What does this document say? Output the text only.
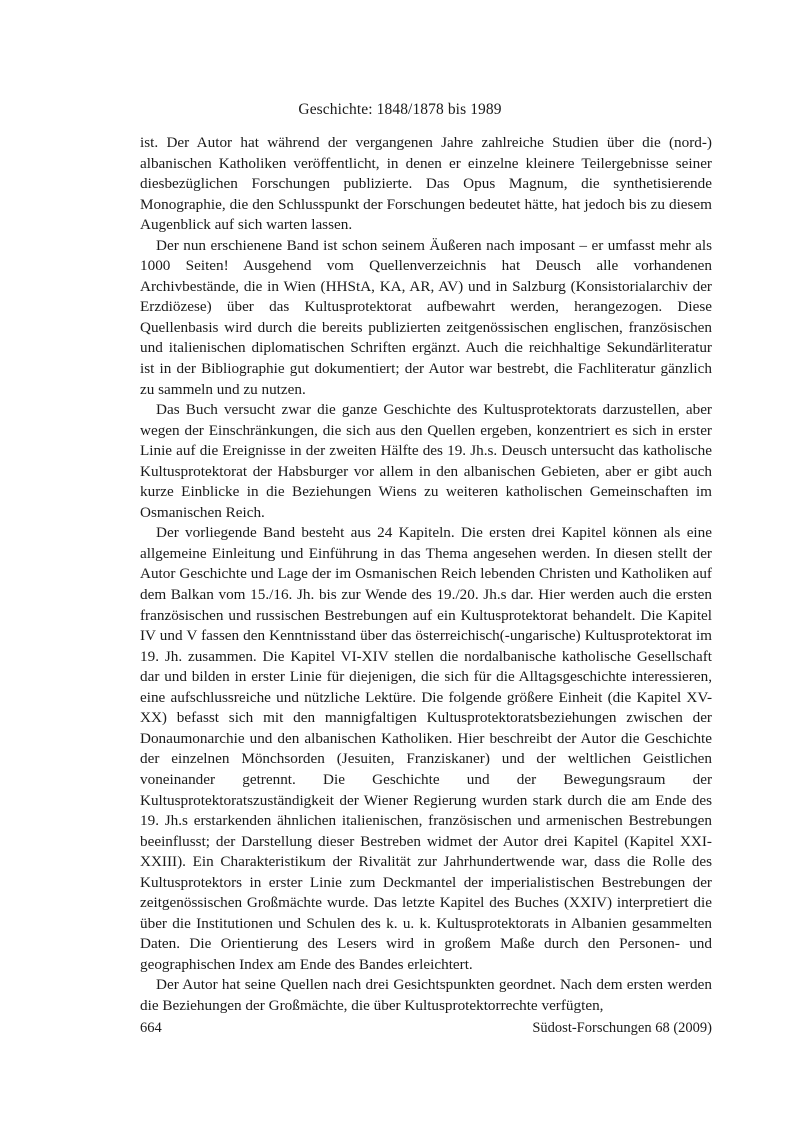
Geschichte: 1848/1878 bis 1989

ist. Der Autor hat während der vergangenen Jahre zahlreiche Studien über die (nord-) albanischen Katholiken veröffentlicht, in denen er einzelne kleinere Teilergebnisse seiner diesbezüglichen Forschungen publizierte. Das Opus Magnum, die synthetisierende Monographie, die den Schlusspunkt der Forschungen bedeutet hätte, hat jedoch bis zu diesem Augenblick auf sich warten lassen.

Der nun erschienene Band ist schon seinem Äußeren nach imposant – er umfasst mehr als 1000 Seiten! Ausgehend vom Quellenverzeichnis hat Deusch alle vorhandenen Archivbestände, die in Wien (HHStA, KA, AR, AV) und in Salzburg (Konsistorialarchiv der Erzdiözese) über das Kultusprotektorat aufbewahrt werden, herangezogen. Diese Quellenbasis wird durch die bereits publizierten zeitgenössischen englischen, französischen und italienischen diplomatischen Schriften ergänzt. Auch die reichhaltige Sekundärliteratur ist in der Bibliographie gut dokumentiert; der Autor war bestrebt, die Fachliteratur gänzlich zu sammeln und zu nutzen.

Das Buch versucht zwar die ganze Geschichte des Kultusprotektorats darzustellen, aber wegen der Einschränkungen, die sich aus den Quellen ergeben, konzentriert es sich in erster Linie auf die Ereignisse in der zweiten Hälfte des 19. Jh.s. Deusch untersucht das katholische Kultusprotektorat der Habsburger vor allem in den albanischen Gebieten, aber er gibt auch kurze Einblicke in die Beziehungen Wiens zu weiteren katholischen Gemeinschaften im Osmanischen Reich.

Der vorliegende Band besteht aus 24 Kapiteln. Die ersten drei Kapitel können als eine allgemeine Einleitung und Einführung in das Thema angesehen werden. In diesen stellt der Autor Geschichte und Lage der im Osmanischen Reich lebenden Christen und Katholiken auf dem Balkan vom 15./16. Jh. bis zur Wende des 19./20. Jh.s dar. Hier werden auch die ersten französischen und russischen Bestrebungen auf ein Kultusprotektorat behandelt. Die Kapitel IV und V fassen den Kenntnisstand über das österreichisch(-ungarische) Kultusprotektorat im 19. Jh. zusammen. Die Kapitel VI-XIV stellen die nordalbanische katholische Gesellschaft dar und bilden in erster Linie für diejenigen, die sich für die Alltagsgeschichte interessieren, eine aufschlussreiche und nützliche Lektüre. Die folgende größere Einheit (die Kapitel XV-XX) befasst sich mit den mannigfaltigen Kultusprotektoratsbeziehungen zwischen der Donaumonarchie und den albanischen Katholiken. Hier beschreibt der Autor die Geschichte der einzelnen Mönchsorden (Jesuiten, Franziskaner) und der weltlichen Geistlichen voneinander getrennt. Die Geschichte und der Bewegungsraum der Kultusprotektoratszuständigkeit der Wiener Regierung wurden stark durch die am Ende des 19. Jh.s erstarkenden ähnlichen italienischen, französischen und armenischen Bestrebungen beeinflusst; der Darstellung dieser Bestreben widmet der Autor drei Kapitel (Kapitel XXI-XXIII). Ein Charakteristikum der Rivalität zur Jahrhundertwende war, dass die Rolle des Kultusprotektors in erster Linie zum Deckmantel der imperialistischen Bestrebungen der zeitgenössischen Großmächte wurde. Das letzte Kapitel des Buches (XXIV) interpretiert die über die Institutionen und Schulen des k. u. k. Kultusprotektorats in Albanien gesammelten Daten. Die Orientierung des Lesers wird in großem Maße durch den Personen- und geographischen Index am Ende des Bandes erleichtert.

Der Autor hat seine Quellen nach drei Gesichtspunkten geordnet. Nach dem ersten werden die Beziehungen der Großmächte, die über Kultusprotektorrechte verfügten,

664	Südost-Forschungen 68 (2009)
